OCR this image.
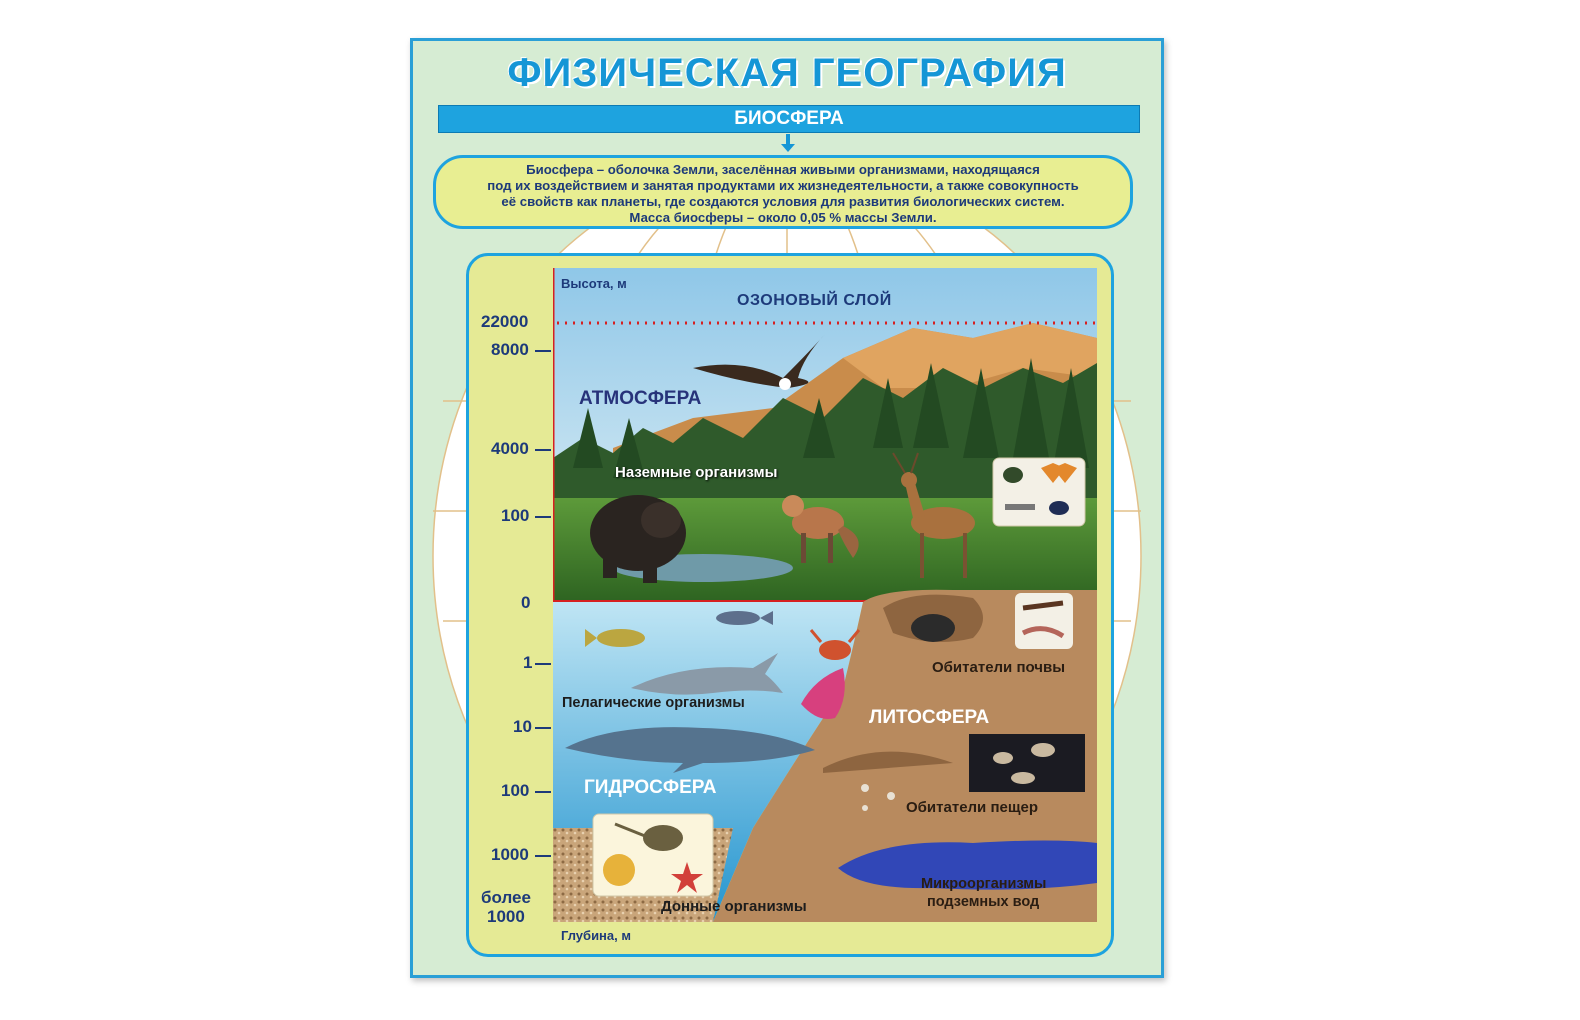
ФИЗИЧЕСКАЯ ГЕОГРАФИЯ
БИОСФЕРА
Биосфера – оболочка Земли, заселённая живыми организмами, находящаяся
под их воздействием и занятая продуктами их жизнедеятельности, а также совокупность
её свойств как планеты, где создаются условия для развития биологических систем.
Масса биосферы – около 0,05 % массы Земли.
22000
8000
4000
100
0
1
10
100
1000
более
1000
Глубина, м
Высота, м
ОЗОНОВЫЙ СЛОЙ
АТМОСФЕРА
Наземные организмы
Пелагические организмы
ГИДРОСФЕРА
ЛИТОСФЕРА
Обитатели почвы
Обитатели пещер
Микроорганизмы
подземных вод
Донные организмы
